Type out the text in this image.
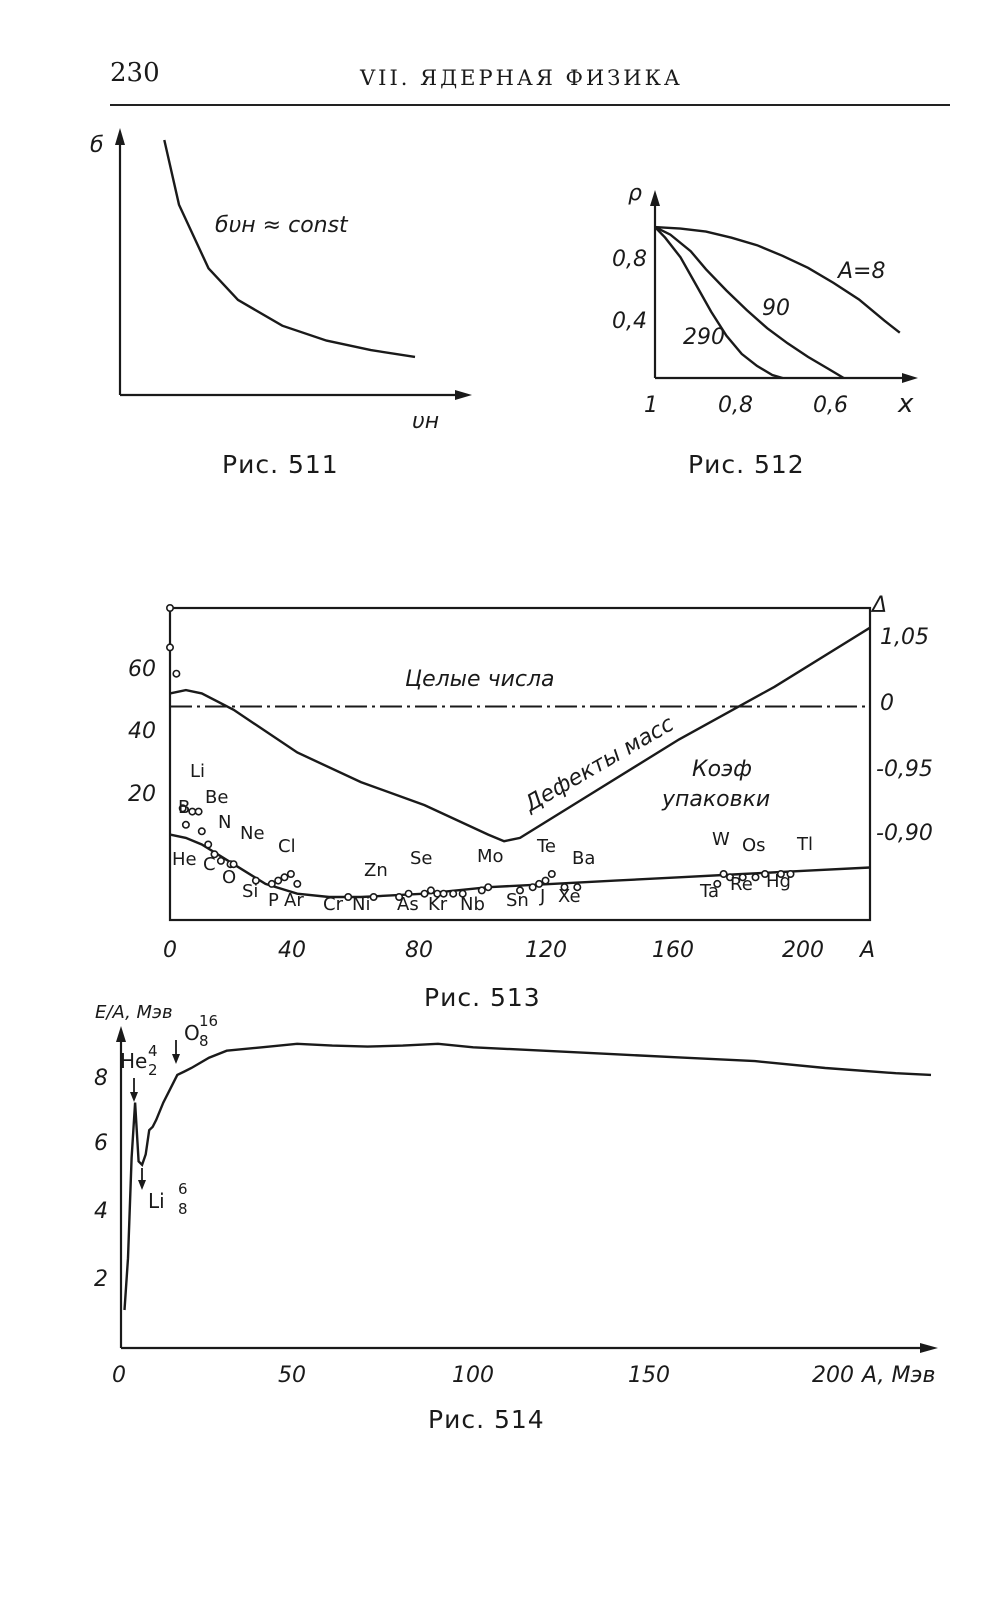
230	VII. ЯДЕРНАЯ ФИЗИКА
б
υн
бυн ≈ const
Рис. 511
ρ
x
0,8
0,4
1	0,8	0,6
A=8
90
290
Рис. 512
Δ
60
40
20
1,05
0
-0,95
-0,90
0	40	80	120	160	200 A
Целые числа
Дефекты масс Коэф
упаковки
Li
Be
B
N
Ne
He C
O
Si P Ar
Cl
Cr Ni
Zn
As
Se
Kr Nb
Mo
Sn J
Te
Xe
Ba
W
Ta Re
Os
Hg
Tl
Рис. 513
E/A, Мэв
8
6
4
2
0	50	100	150	200 A, Мэв
He 4
2
O 16
8
Li 6
8
Рис. 514
